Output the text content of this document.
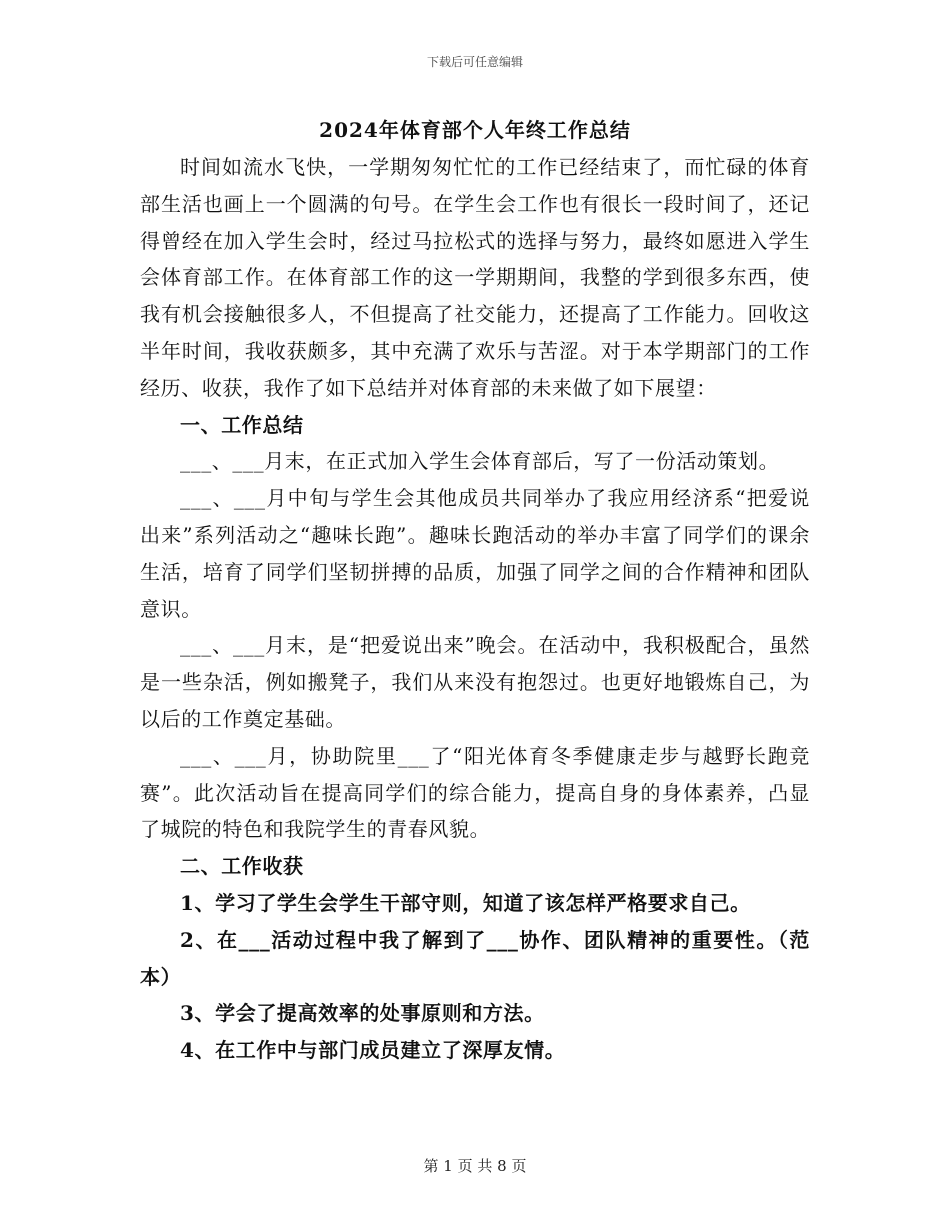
下载后可任意编辑
2024年体育部个人年终工作总结

时间如流水飞快，一学期匆匆忙忙的工作已经结束了，而忙碌的体育部生活也画上一个圆满的句号。在学生会工作也有很长一段时间了，还记得曾经在加入学生会时，经过马拉松式的选择与努力，最终如愿进入学生会体育部工作。在体育部工作的这一学期期间，我整的学到很多东西，使我有机会接触很多人，不但提高了社交能力，还提高了工作能力。回收这半年时间，我收获颇多，其中充满了欢乐与苦涩。对于本学期部门的工作经历、收获，我作了如下总结并对体育部的未来做了如下展望：

一、工作总结

___、___月末，在正式加入学生会体育部后，写了一份活动策划。

___、___月中旬与学生会其他成员共同举办了我应用经济系“把爱说出来”系列活动之“趣味长跑”。趣味长跑活动的举办丰富了同学们的课余生活，培育了同学们坚韧拼搏的品质，加强了同学之间的合作精神和团队意识。

___、___月末，是“把爱说出来”晚会。在活动中，我积极配合，虽然是一些杂活，例如搬凳子，我们从来没有抱怨过。也更好地锻炼自己，为以后的工作奠定基础。

___、___月，协助院里___了“阳光体育冬季健康走步与越野长跑竞赛”。此次活动旨在提高同学们的综合能力，提高自身的身体素养，凸显了城院的特色和我院学生的青春风貌。

二、工作收获

1、学习了学生会学生干部守则，知道了该怎样严格要求自己。

2、在___活动过程中我了解到了___协作、团队精神的重要性。（范本）

3、学会了提高效率的处事原则和方法。

4、在工作中与部门成员建立了深厚友情。

第 1 页 共 8 页
